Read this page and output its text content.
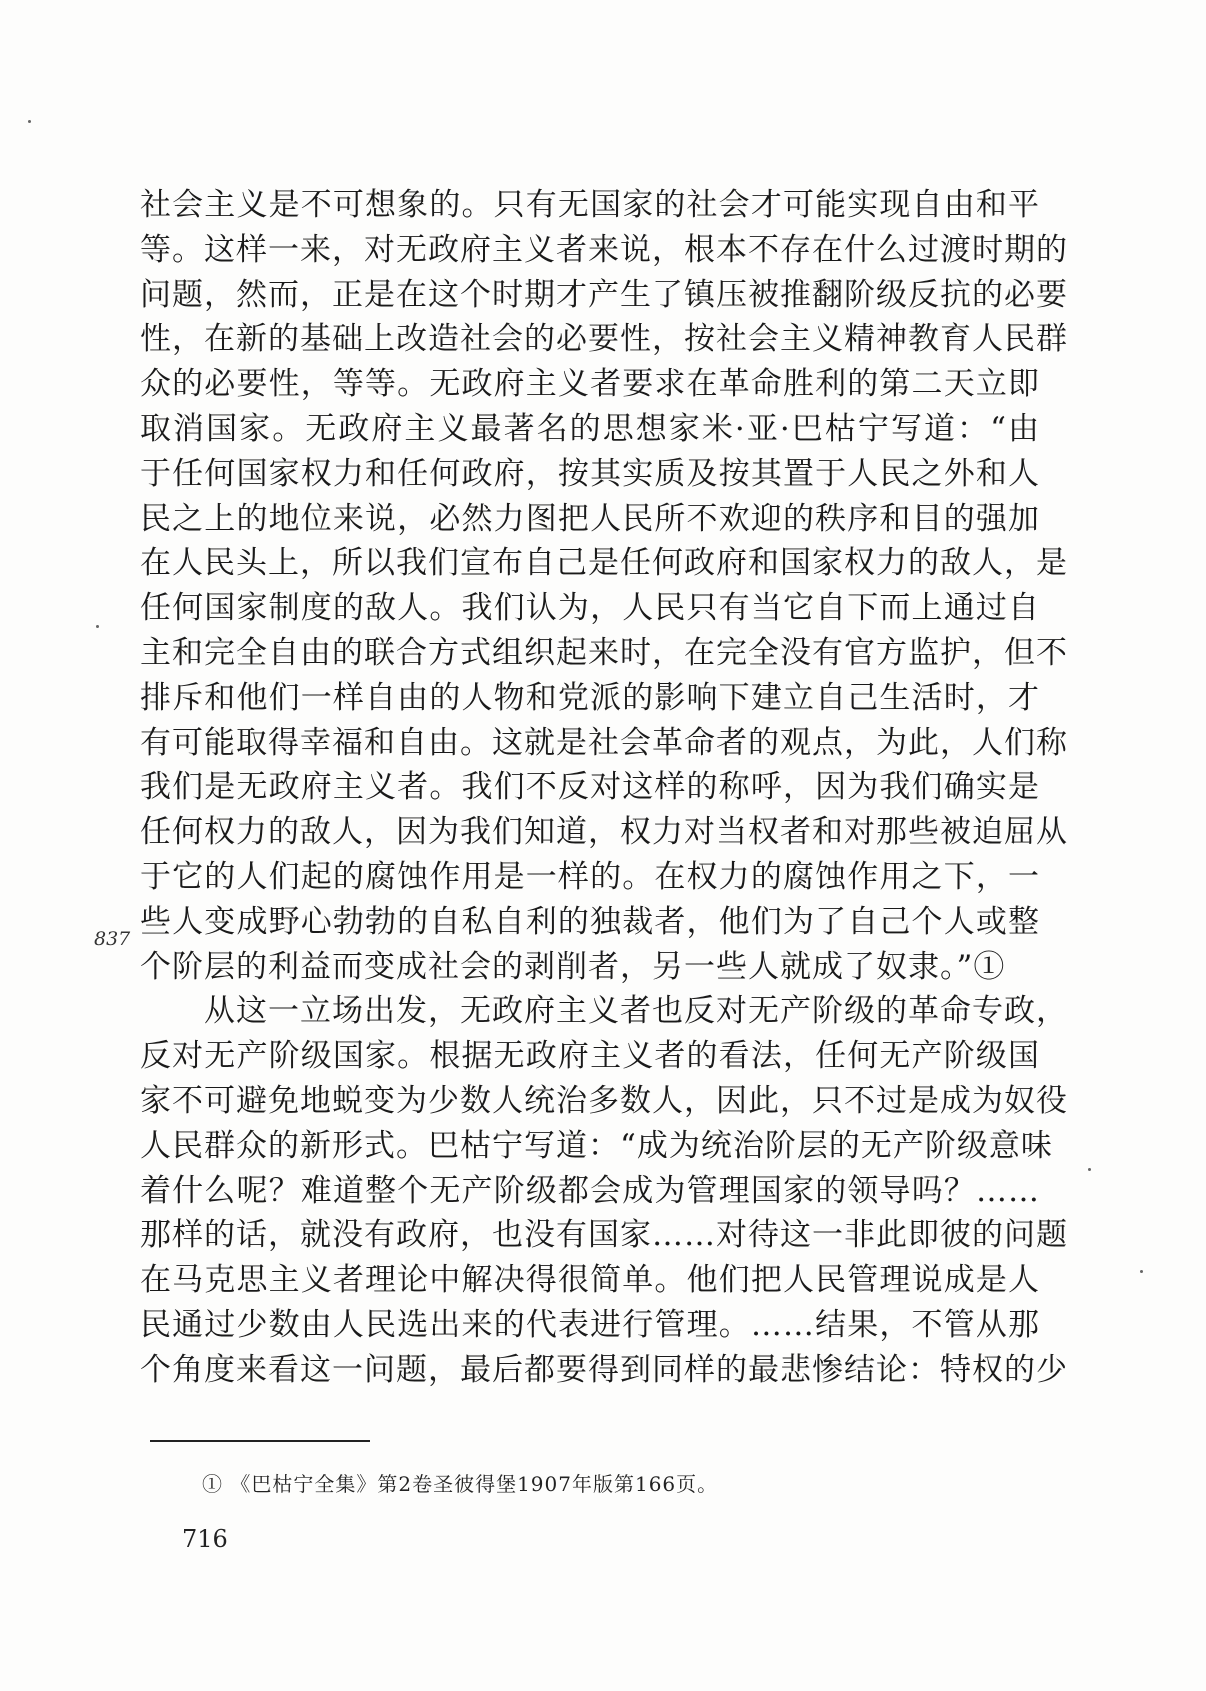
社会主义是不可想象的。只有无国家的社会才可能实现自由和平
等。这样一来，对无政府主义者来说，根本不存在什么过渡时期的
问题，然而，正是在这个时期才产生了镇压被推翻阶级反抗的必要
性，在新的基础上改造社会的必要性，按社会主义精神教育人民群
众的必要性，等等。无政府主义者要求在革命胜利的第二天立即
取消国家。无政府主义最著名的思想家米·亚·巴枯宁写道：“由
于任何国家权力和任何政府，按其实质及按其置于人民之外和人
民之上的地位来说，必然力图把人民所不欢迎的秩序和目的强加
在人民头上，所以我们宣布自己是任何政府和国家权力的敌人，是
任何国家制度的敌人。我们认为，人民只有当它自下而上通过自
主和完全自由的联合方式组织起来时，在完全没有官方监护，但不
排斥和他们一样自由的人物和党派的影响下建立自己生活时，才
有可能取得幸福和自由。这就是社会革命者的观点，为此，人们称
我们是无政府主义者。我们不反对这样的称呼，因为我们确实是
任何权力的敌人，因为我们知道，权力对当权者和对那些被迫屈从
于它的人们起的腐蚀作用是一样的。在权力的腐蚀作用之下，一
些人变成野心勃勃的自私自利的独裁者，他们为了自己个人或整
个阶层的利益而变成社会的剥削者，另一些人就成了奴隶。”①
从这一立场出发，无政府主义者也反对无产阶级的革命专政，
反对无产阶级国家。根据无政府主义者的看法，任何无产阶级国
家不可避免地蜕变为少数人统治多数人，因此，只不过是成为奴役
人民群众的新形式。巴枯宁写道：“成为统治阶层的无产阶级意味
着什么呢？难道整个无产阶级都会成为管理国家的领导吗？……
那样的话，就没有政府，也没有国家……对待这一非此即彼的问题
在马克思主义者理论中解决得很简单。他们把人民管理说成是人
民通过少数由人民选出来的代表进行管理。……结果，不管从那
个角度来看这一问题，最后都要得到同样的最悲惨结论：特权的少
837
① 《巴枯宁全集》第2卷圣彼得堡1907年版第166页。
716
